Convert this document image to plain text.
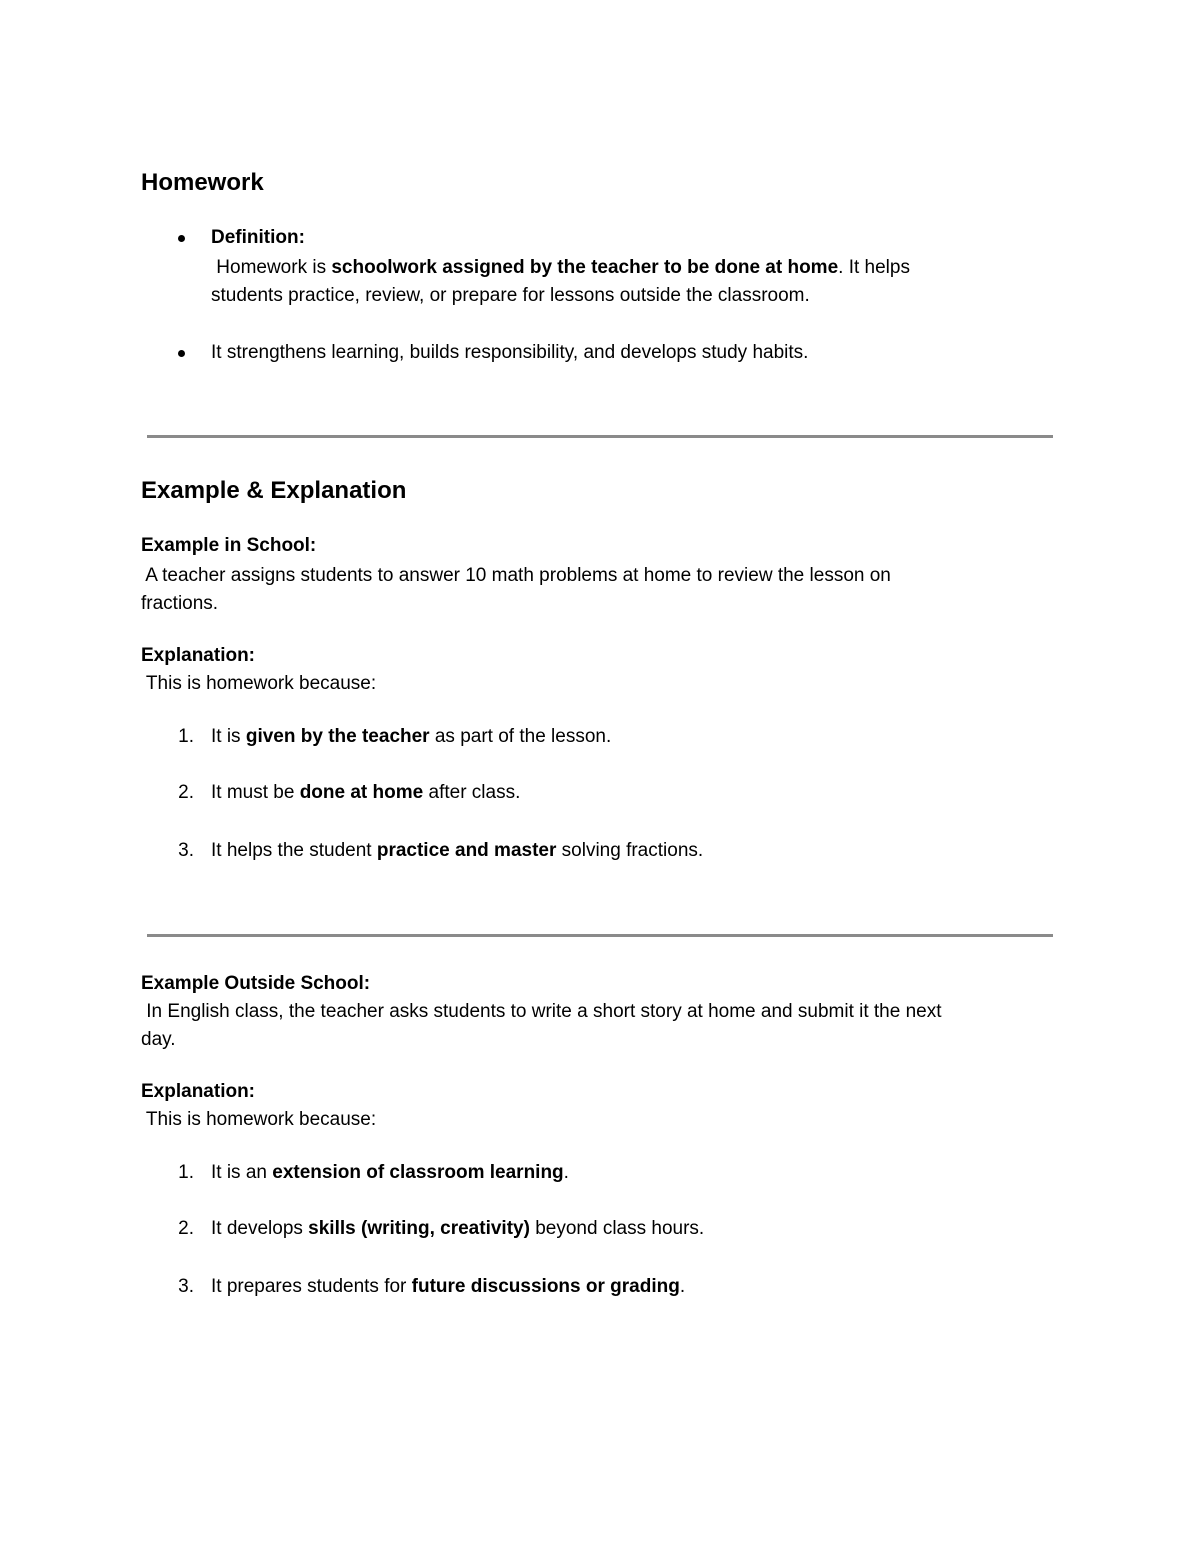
Homework
Definition:
Homework is schoolwork assigned by the teacher to be done at home. It helps
students practice, review, or prepare for lessons outside the classroom.
It strengthens learning, builds responsibility, and develops study habits.
Example & Explanation
Example in School:
A teacher assigns students to answer 10 math problems at home to review the lesson on
fractions.
Explanation:
This is homework because:
1. It is given by the teacher as part of the lesson.
2. It must be done at home after class.
3. It helps the student practice and master solving fractions.
Example Outside School:
In English class, the teacher asks students to write a short story at home and submit it the next
day.
Explanation:
This is homework because:
1. It is an extension of classroom learning.
2. It develops skills (writing, creativity) beyond class hours.
3. It prepares students for future discussions or grading.
